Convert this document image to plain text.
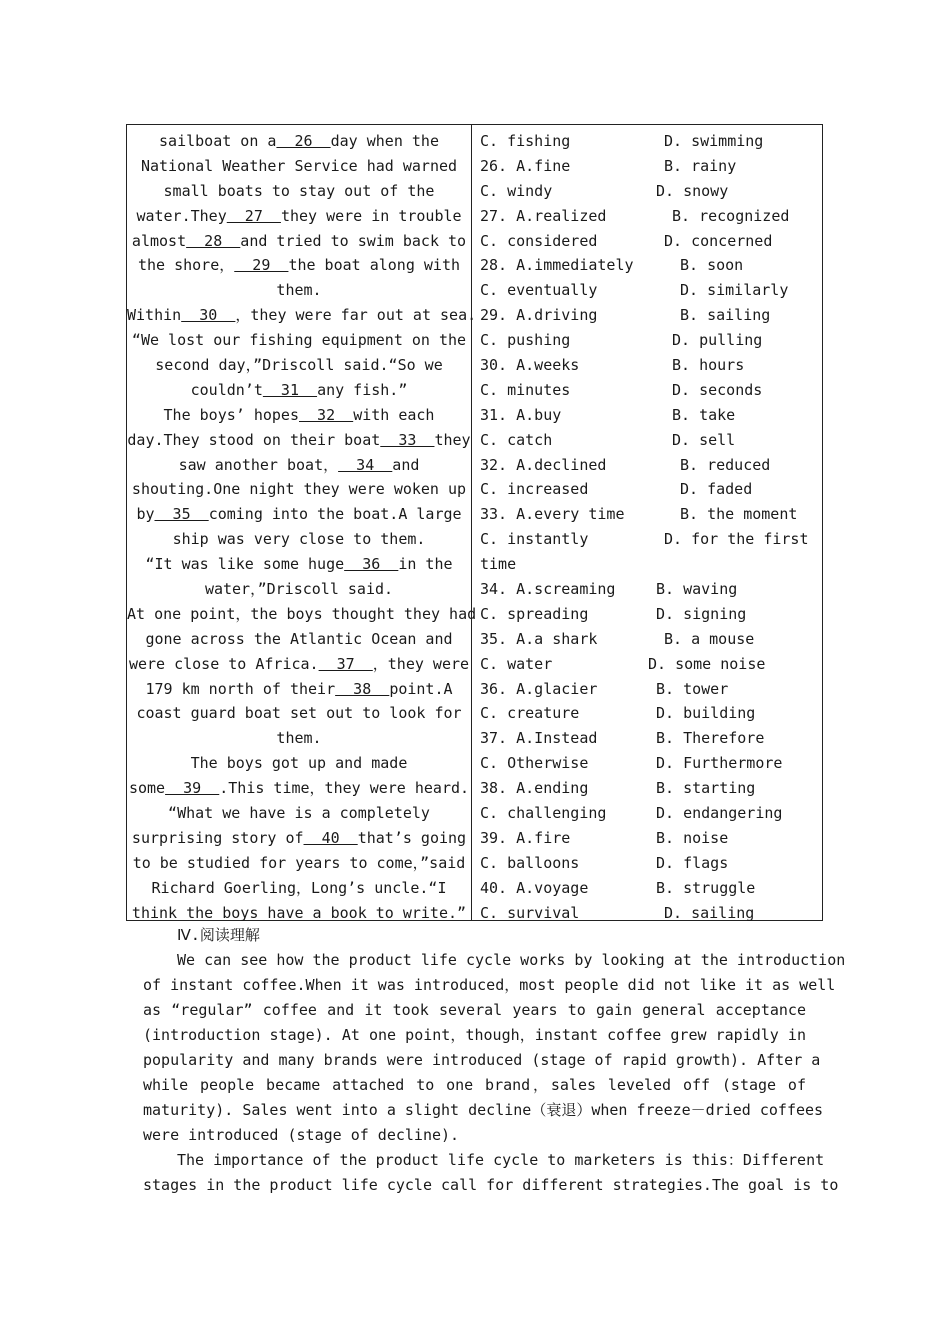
sailboat on a  26  day when the
National Weather Service had warned
small boats to stay out of the
water.They  27  they were in trouble
almost  28  and tried to swim back to
the shore，  29  the boat along with
them.
Within  30  ，they were far out at sea.
“We lost our fishing equipment on the
second day，”Driscoll said.“So we
couldn’t  31  any fish.”
The boys’ hopes  32  with each
day.They stood on their boat  33  they
saw another boat，  34  and
shouting.One night they were woken up
by  35  coming into the boat.A large
ship was very close to them.
“It was like some huge  36  in the
water，”Driscoll said.
At one point，the boys thought they had
gone across the Atlantic Ocean and
were close to Africa.  37  ，they were
179 km north of their  38  point.A
coast guard boat set out to look for
them.
The boys got up and made
some  39  .This time，they were heard.
“What we have is a completely
surprising story of  40  that’s going
to be studied for years to come，”said
Richard Goerling，Long’s uncle.“I
think the boys have a book to write.”
C. fishing	D. swimming
26. A.fine	B. rainy
C. windy	D. snowy
27. A.realized	B. recognized
C. considered	D. concerned
28. A.immediately	B. soon
C. eventually	D. similarly
29. A.driving	B. sailing
C. pushing	D. pulling
30. A.weeks	B. hours
C. minutes	D. seconds
31. A.buy	B. take
C. catch	D. sell
32. A.declined	B. reduced
C. increased	D. faded
33. A.every time	B. the moment
C. instantly	D. for the first
time
34. A.screaming	B. waving
C. spreading	D. signing
35. A.a shark	B. a mouse
C. water	D. some noise
36. A.glacier	B. tower
C. creature	D. building
37. A.Instead	B. Therefore
C. Otherwise	D. Furthermore
38. A.ending	B. starting
C. challenging	D. endangering
39. A.fire	B. noise
C. balloons	D. flags
40. A.voyage	B. struggle
C. survival	D. sailing
Ⅳ.阅读理解
We can see how the product life cycle works by looking at the introduction
of instant coffee.When it was introduced，most people did not like it as well
as “regular” coffee and it took several years to gain general acceptance
(introduction stage). At one point，though，instant coffee grew rapidly in
popularity and many brands were introduced (stage of rapid growth). After a
while people became attached to one brand，sales leveled off (stage of
maturity). Sales went into a slight decline（衰退）when freeze－dried coffees
were introduced (stage of decline).
The importance of the product life cycle to marketers is this：Different
stages in the product life cycle call for different strategies.The goal is to
